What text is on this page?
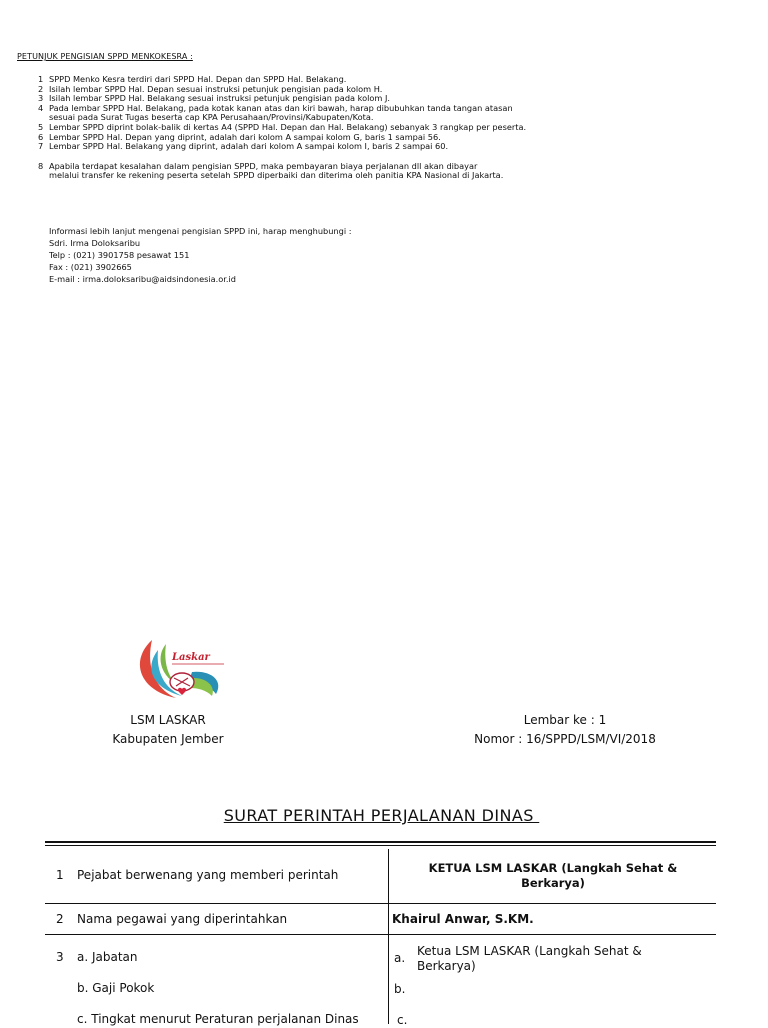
PETUNJUK PENGISIAN SPPD MENKOKESRA :
1 SPPD Menko Kesra terdiri dari SPPD Hal. Depan dan SPPD Hal. Belakang.
2 Isilah lembar SPPD Hal. Depan sesuai instruksi petunjuk pengisian pada kolom H.
3 Isilah lembar SPPD Hal. Belakang sesuai instruksi petunjuk pengisian pada kolom J.
4 Pada lembar SPPD Hal. Belakang, pada kotak kanan atas dan kiri bawah, harap dibubuhkan tanda tangan atasan
sesuai pada Surat Tugas beserta cap KPA Perusahaan/Provinsi/Kabupaten/Kota.
5 Lembar SPPD diprint bolak-balik di kertas A4 (SPPD Hal. Depan dan Hal. Belakang) sebanyak 3 rangkap per peserta.
6 Lembar SPPD Hal. Depan yang diprint, adalah dari kolom A sampai kolom G, baris 1 sampai 56.
7 Lembar SPPD Hal. Belakang yang diprint, adalah dari kolom A sampai kolom I, baris 2 sampai 60.
8 Apabila terdapat kesalahan dalam pengisian SPPD, maka pembayaran biaya perjalanan dll akan dibayar
melalui transfer ke rekening peserta setelah SPPD diperbaiki dan diterima oleh panitia KPA Nasional di Jakarta.
Informasi lebih lanjut mengenai pengisian SPPD ini, harap menghubungi :
Sdri. Irma Doloksaribu
Telp : (021) 3901758 pesawat 151
Fax : (021) 3902665
E-mail : irma.doloksaribu@aidsindonesia.or.id
Laskar
LSM LASKAR
Kabupaten Jember
Lembar ke : 1
Nomor : 16/SPPD/LSM/VI/2018
SURAT PERINTAH PERJALANAN DINAS
1 Pejabat berwenang yang memberi perintah	KETUA LSM LASKAR (Langkah Sehat &
Berkarya)
2 Nama pegawai yang diperintahkan	Khairul Anwar, S.KM.
3 a. Jabatan
b. Gaji Pokok
c. Tingkat menurut Peraturan perjalanan Dinas
a. Ketua LSM LASKAR (Langkah Sehat &
Berkarya)
b.
c.
